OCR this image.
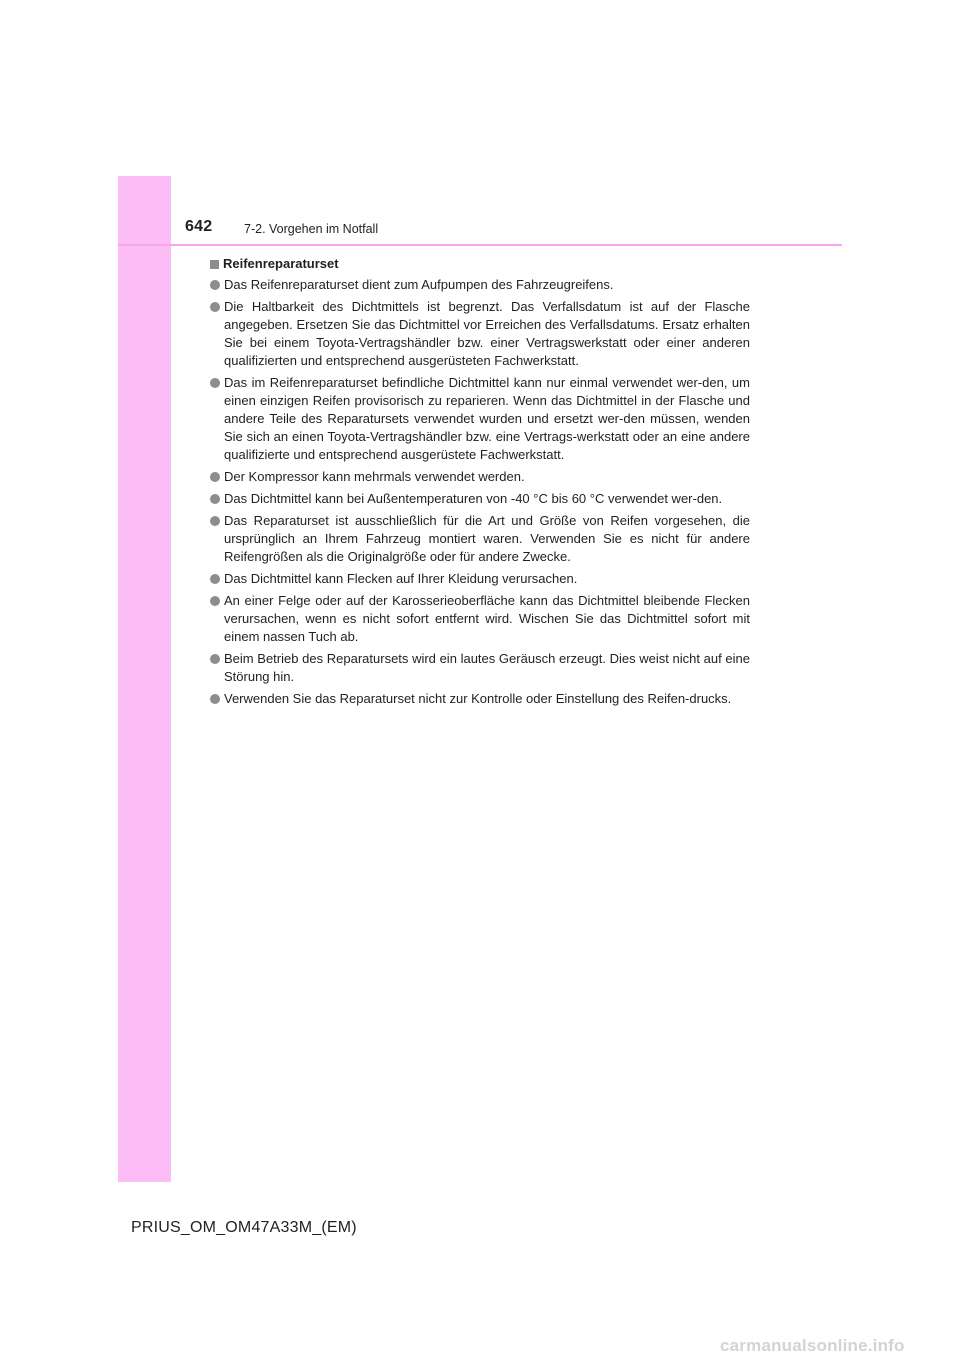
642	7-2. Vorgehen im Notfall
Reifenreparaturset
Das Reifenreparaturset dient zum Aufpumpen des Fahrzeugreifens.
Die Haltbarkeit des Dichtmittels ist begrenzt. Das Verfallsdatum ist auf der Flasche angegeben. Ersetzen Sie das Dichtmittel vor Erreichen des Verfallsdatums. Ersatz erhalten Sie bei einem Toyota-Vertragshändler bzw. einer Vertragswerkstatt oder einer anderen qualifizierten und entsprechend ausgerüsteten Fachwerkstatt.
Das im Reifenreparaturset befindliche Dichtmittel kann nur einmal verwendet wer-den, um einen einzigen Reifen provisorisch zu reparieren. Wenn das Dichtmittel in der Flasche und andere Teile des Reparatursets verwendet wurden und ersetzt wer-den müssen, wenden Sie sich an einen Toyota-Vertragshändler bzw. eine Vertrags-werkstatt oder an eine andere qualifizierte und entsprechend ausgerüstete Fachwerkstatt.
Der Kompressor kann mehrmals verwendet werden.
Das Dichtmittel kann bei Außentemperaturen von -40 °C bis 60 °C verwendet wer-den.
Das Reparaturset ist ausschließlich für die Art und Größe von Reifen vorgesehen, die ursprünglich an Ihrem Fahrzeug montiert waren. Verwenden Sie es nicht für andere Reifengrößen als die Originalgröße oder für andere Zwecke.
Das Dichtmittel kann Flecken auf Ihrer Kleidung verursachen.
An einer Felge oder auf der Karosserieoberfläche kann das Dichtmittel bleibende Flecken verursachen, wenn es nicht sofort entfernt wird. Wischen Sie das Dichtmittel sofort mit einem nassen Tuch ab.
Beim Betrieb des Reparatursets wird ein lautes Geräusch erzeugt. Dies weist nicht auf eine Störung hin.
Verwenden Sie das Reparaturset nicht zur Kontrolle oder Einstellung des Reifen-drucks.
PRIUS_OM_OM47A33M_(EM)
carmanualsonline.info
